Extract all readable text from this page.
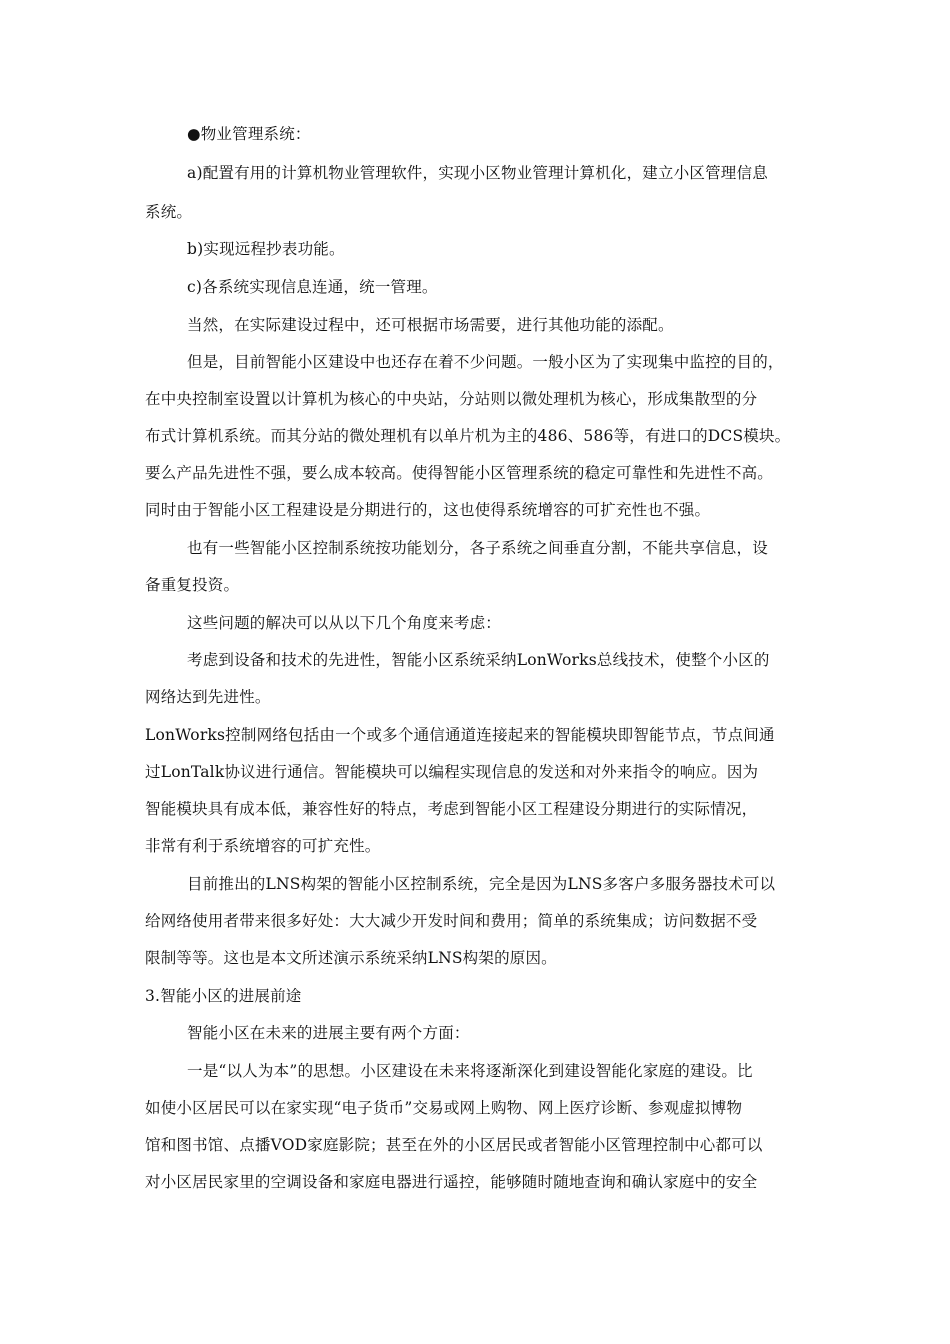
●物业管理系统：
a)配置有用的计算机物业管理软件，实现小区物业管理计算机化，建立小区管理信息
系统。
b)实现远程抄表功能。
c)各系统实现信息连通，统一管理。
当然，在实际建设过程中，还可根据市场需要，进行其他功能的添配。
但是，目前智能小区建设中也还存在着不少问题。一般小区为了实现集中监控的目的，
在中央控制室设置以计算机为核心的中央站，分站则以微处理机为核心，形成集散型的分
布式计算机系统。而其分站的微处理机有以单片机为主的486、586等，有进口的DCS模块。
要么产品先进性不强，要么成本较高。使得智能小区管理系统的稳定可靠性和先进性不高。
同时由于智能小区工程建设是分期进行的，这也使得系统增容的可扩充性也不强。
也有一些智能小区控制系统按功能划分，各子系统之间垂直分割，不能共享信息，设
备重复投资。
这些问题的解决可以从以下几个角度来考虑：
考虑到设备和技术的先进性，智能小区系统采纳LonWorks总线技术，使整个小区的
网络达到先进性。
LonWorks控制网络包括由一个或多个通信通道连接起来的智能模块即智能节点，节点间通
过LonTalk协议进行通信。智能模块可以编程实现信息的发送和对外来指令的响应。因为
智能模块具有成本低，兼容性好的特点，考虑到智能小区工程建设分期进行的实际情况，
非常有利于系统增容的可扩充性。
目前推出的LNS构架的智能小区控制系统，完全是因为LNS多客户多服务器技术可以
给网络使用者带来很多好处：大大减少开发时间和费用；简单的系统集成；访问数据不受
限制等等。这也是本文所述演示系统采纳LNS构架的原因。
3.智能小区的进展前途
智能小区在未来的进展主要有两个方面：
一是“以人为本”的思想。小区建设在未来将逐渐深化到建设智能化家庭的建设。比
如使小区居民可以在家实现“电子货币”交易或网上购物、网上医疗诊断、参观虚拟博物
馆和图书馆、点播VOD家庭影院；甚至在外的小区居民或者智能小区管理控制中心都可以
对小区居民家里的空调设备和家庭电器进行遥控，能够随时随地查询和确认家庭中的安全
